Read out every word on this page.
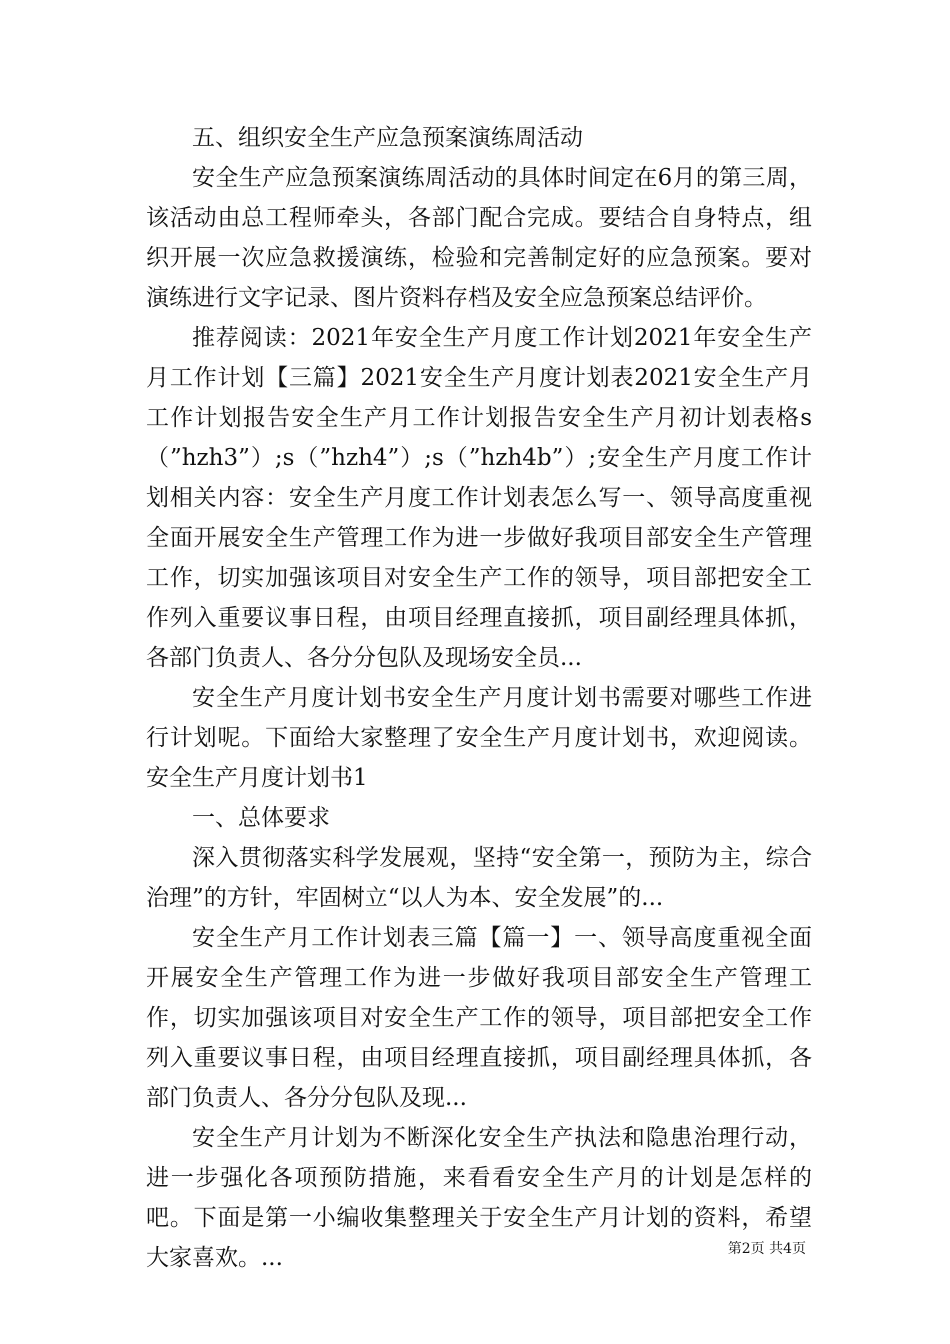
五、组织安全生产应急预案演练周活动

安全生产应急预案演练周活动的具体时间定在6月的第三周，该活动由总工程师牵头，各部门配合完成。要结合自身特点，组织开展一次应急救援演练，检验和完善制定好的应急预案。要对演练进行文字记录、图片资料存档及安全应急预案总结评价。

推荐阅读：2021年安全生产月度工作计划2021年安全生产月工作计划【三篇】2021安全生产月度计划表2021安全生产月工作计划报告安全生产月工作计划报告安全生产月初计划表格s（”hzh3”）;s（”hzh4”）;s（”hzh4b”）;安全生产月度工作计划相关内容：安全生产月度工作计划表怎么写一、领导高度重视全面开展安全生产管理工作为进一步做好我项目部安全生产管理工作，切实加强该项目对安全生产工作的领导，项目部把安全工作列入重要议事日程，由项目经理直接抓，项目副经理具体抓，各部门负责人、各分分包队及现场安全员...

安全生产月度计划书安全生产月度计划书需要对哪些工作进行计划呢。下面给大家整理了安全生产月度计划书，欢迎阅读。安全生产月度计划书1

一、总体要求

深入贯彻落实科学发展观，坚持“安全第一，预防为主，综合治理”的方针，牢固树立“以人为本、安全发展”的...

安全生产月工作计划表三篇【篇一】一、领导高度重视全面开展安全生产管理工作为进一步做好我项目部安全生产管理工作，切实加强该项目对安全生产工作的领导，项目部把安全工作列入重要议事日程，由项目经理直接抓，项目副经理具体抓，各部门负责人、各分分包队及现...

安全生产月计划为不断深化安全生产执法和隐患治理行动，进一步强化各项预防措施，来看看安全生产月的计划是怎样的吧。下面是第一小编收集整理关于安全生产月计划的资料，希望大家喜欢。...	第2页 共4页
